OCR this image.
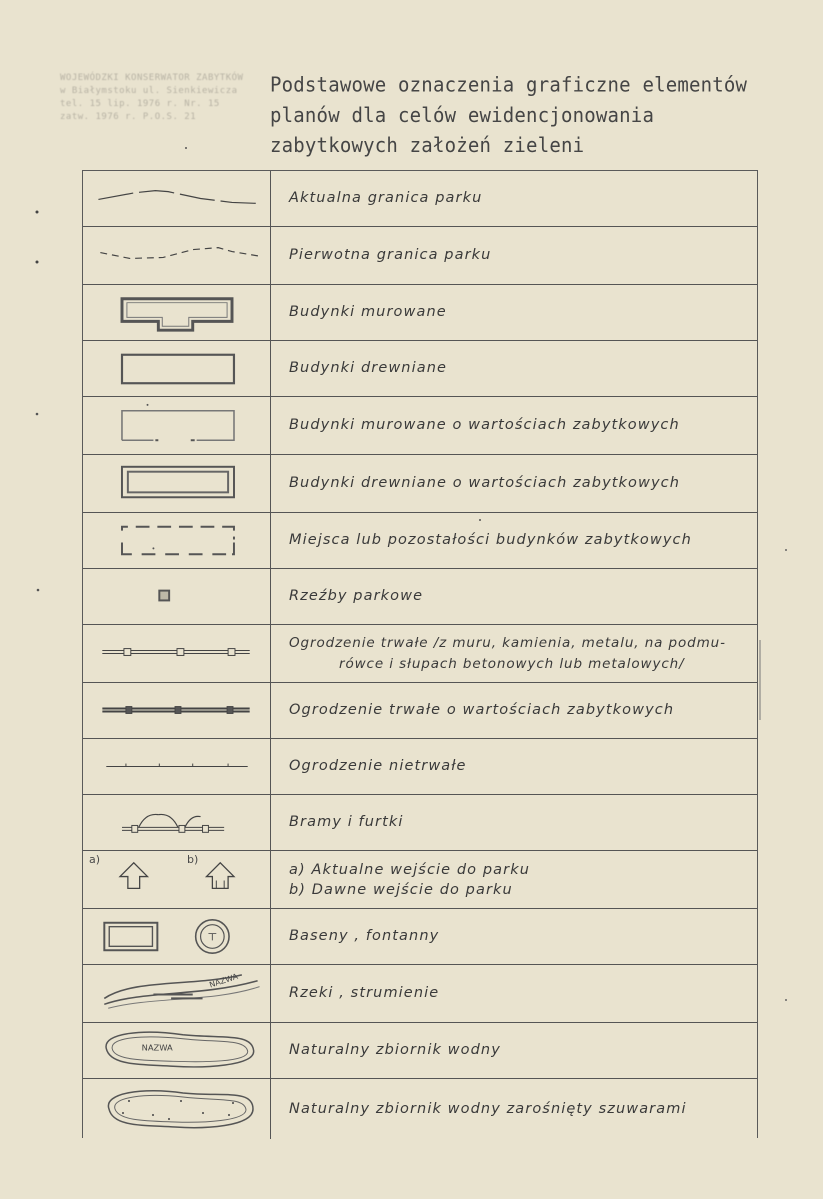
WOJEWÓDZKI KONSERWATOR ZABYTKÓW
w Białymstoku ul. Sienkiewicza
tel. 15 lip. 1976 r. Nr. 15
zatw. 1976 r. P.O.S. 21
Podstawowe oznaczenia graficzne elementów
planów dla celów ewidencjonowania
zabytkowych założeń zieleni
Aktualna granica parku
Pierwotna granica parku
Budynki murowane
Budynki drewniane
Budynki murowane o wartościach zabytkowych
Budynki drewniane o wartościach zabytkowych
Miejsca lub pozostałości budynków zabytkowych
Rzeźby parkowe
Ogrodzenie trwałe /z muru, kamienia, metalu, na podmu-
rówce i słupach betonowych lub metalowych/
Ogrodzenie trwałe o wartościach zabytkowych
Ogrodzenie nietrwałe
Bramy i furtki
a)	b)
a) Aktualne wejście do parku
b) Dawne wejście do parku
Baseny , fontanny
NAZWA
Rzeki , strumienie
NAZWA	Naturalny zbiornik wodny
Naturalny zbiornik wodny zarośnięty szuwarami
